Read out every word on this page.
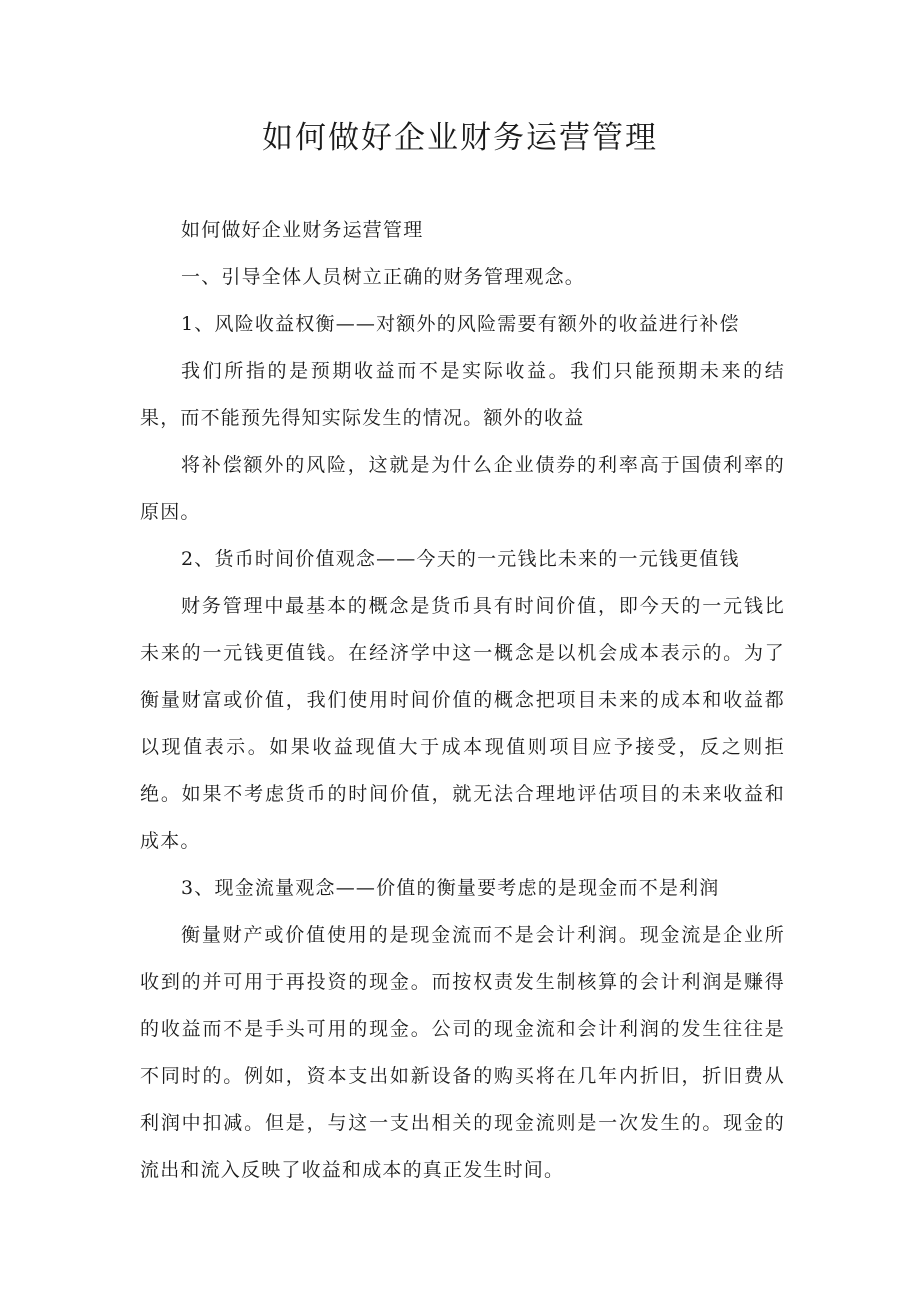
如何做好企业财务运营管理

如何做好企业财务运营管理

一、引导全体人员树立正确的财务管理观念。

1、风险收益权衡——对额外的风险需要有额外的收益进行补偿

我们所指的是预期收益而不是实际收益。我们只能预期未来的结果，而不能预先得知实际发生的情况。额外的收益

将补偿额外的风险，这就是为什么企业债券的利率高于国债利率的原因。

2、货币时间价值观念——今天的一元钱比未来的一元钱更值钱

财务管理中最基本的概念是货币具有时间价值，即今天的一元钱比未来的一元钱更值钱。在经济学中这一概念是以机会成本表示的。为了衡量财富或价值，我们使用时间价值的概念把项目未来的成本和收益都以现值表示。如果收益现值大于成本现值则项目应予接受，反之则拒绝。如果不考虑货币的时间价值，就无法合理地评估项目的未来收益和成本。

3、现金流量观念——价值的衡量要考虑的是现金而不是利润

衡量财产或价值使用的是现金流而不是会计利润。现金流是企业所收到的并可用于再投资的现金。而按权责发生制核算的会计利润是赚得的收益而不是手头可用的现金。公司的现金流和会计利润的发生往往是不同时的。例如，资本支出如新设备的购买将在几年内折旧，折旧费从利润中扣减。但是，与这一支出相关的现金流则是一次发生的。现金的流出和流入反映了收益和成本的真正发生时间。
